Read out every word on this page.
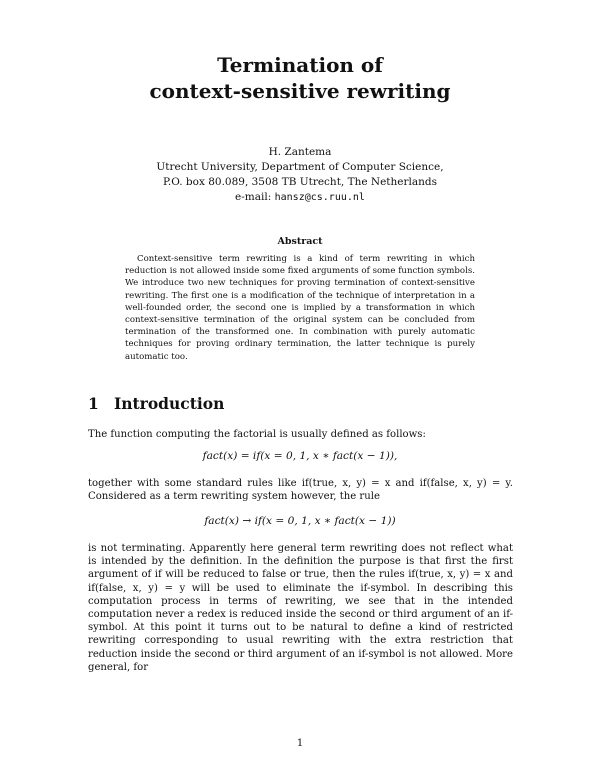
Termination of
context-sensitive rewriting
H. Zantema
Utrecht University, Department of Computer Science,
P.O. box 80.089, 3508 TB Utrecht, The Netherlands
e-mail: hansz@cs.ruu.nl
Abstract
Context-sensitive term rewriting is a kind of term rewriting in which reduction is not allowed inside some fixed arguments of some function symbols. We introduce two new techniques for proving termination of context-sensitive rewriting. The first one is a modification of the technique of interpretation in a well-founded order, the second one is implied by a transformation in which context-sensitive termination of the original system can be concluded from termination of the transformed one. In combination with purely automatic techniques for proving ordinary termination, the latter technique is purely automatic too.
1 Introduction
The function computing the factorial is usually defined as follows:
fact(x) = if(x = 0, 1, x ∗ fact(x − 1)),
together with some standard rules like if(true, x, y) = x and if(false, x, y) = y. Considered as a term rewriting system however, the rule
fact(x) → if(x = 0, 1, x ∗ fact(x − 1))
is not terminating. Apparently here general term rewriting does not reflect what is intended by the definition. In the definition the purpose is that first the first argument of if will be reduced to false or true, then the rules if(true, x, y) = x and if(false, x, y) = y will be used to eliminate the if-symbol. In describing this computation process in terms of rewriting, we see that in the intended computation never a redex is reduced inside the second or third argument of an if-symbol. At this point it turns out to be natural to define a kind of restricted rewriting corresponding to usual rewriting with the extra restriction that reduction inside the second or third argument of an if-symbol is not allowed. More general, for
1
